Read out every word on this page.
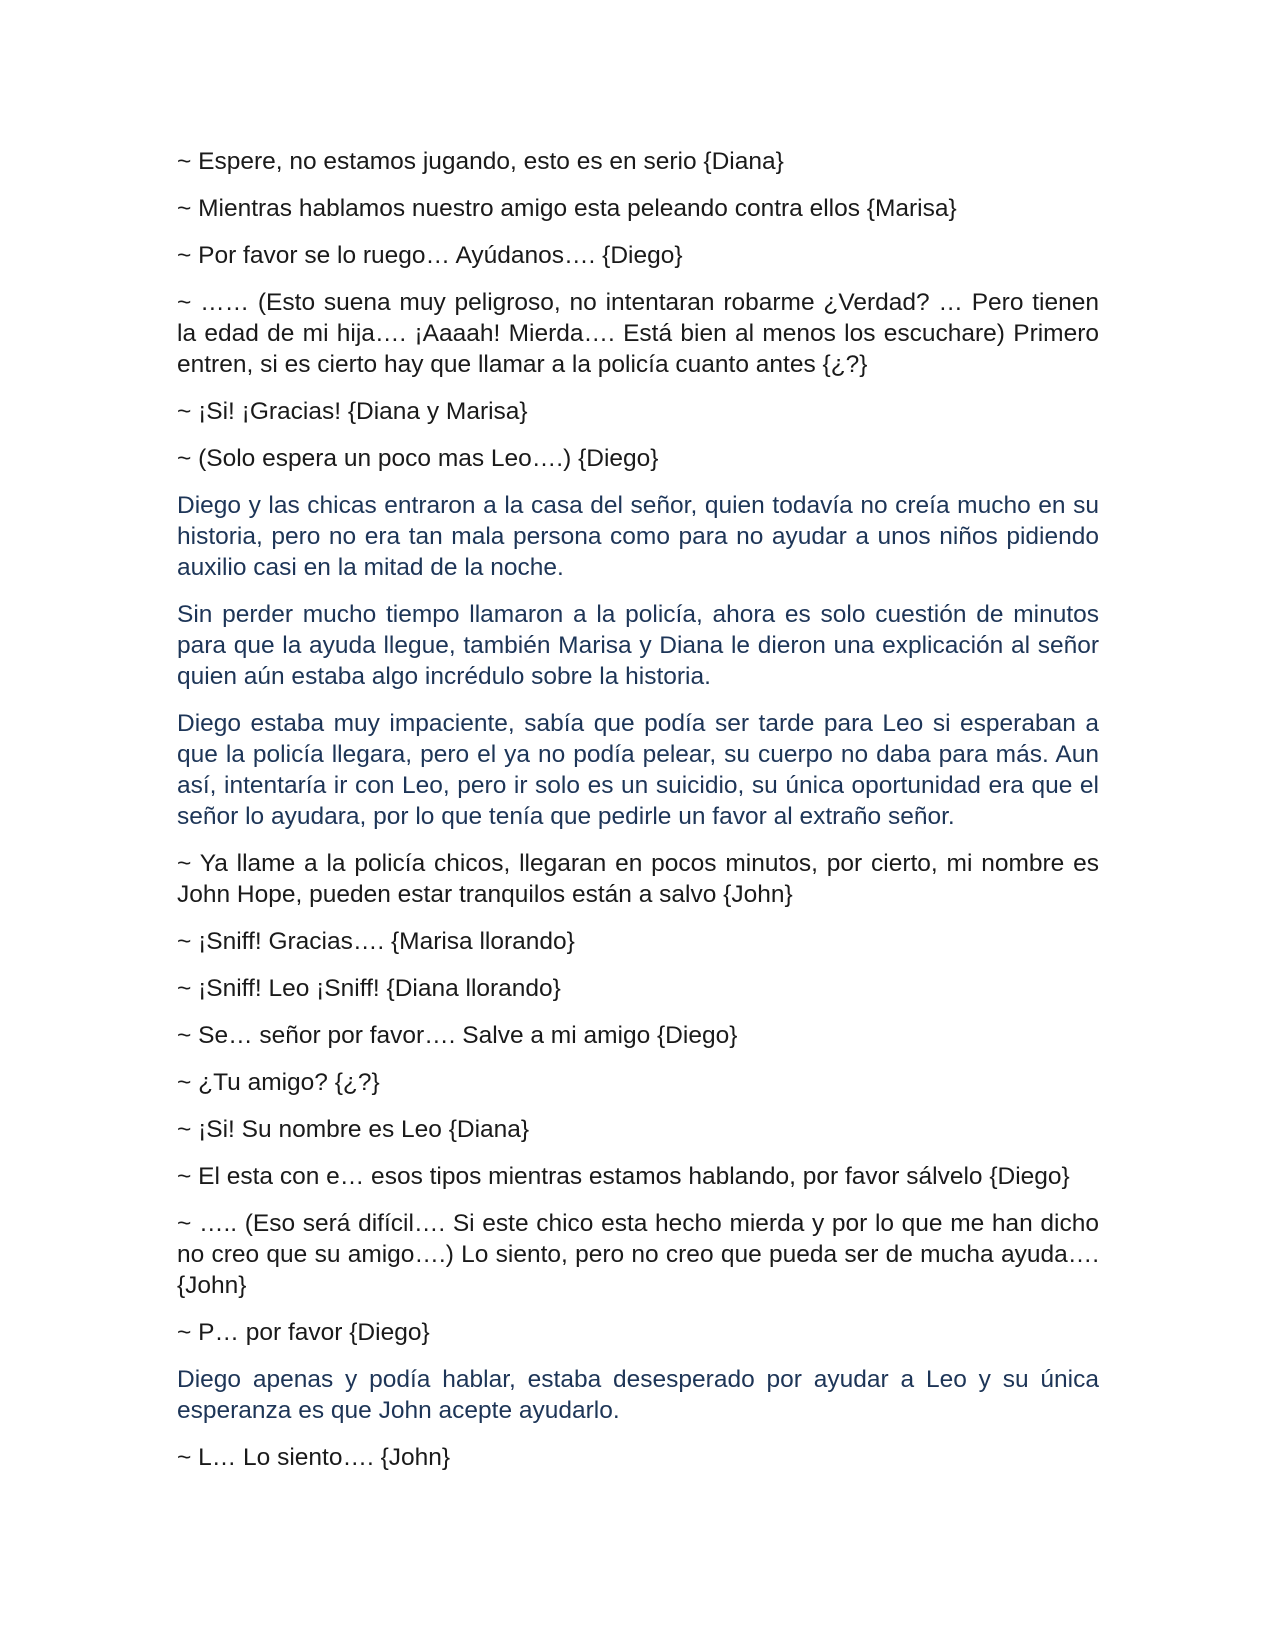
~ Espere, no estamos jugando, esto es en serio {Diana}

~ Mientras hablamos nuestro amigo esta peleando contra ellos {Marisa}

~ Por favor se lo ruego… Ayúdanos…. {Diego}

~ …… (Esto suena muy peligroso, no intentaran robarme ¿Verdad? … Pero tienen la edad de mi hija…. ¡Aaaah! Mierda…. Está bien al menos los escuchare) Primero entren, si es cierto hay que llamar a la policía cuanto antes {¿?}

~ ¡Si! ¡Gracias! {Diana y Marisa}

~ (Solo espera un poco mas Leo….) {Diego}

Diego y las chicas entraron a la casa del señor, quien todavía no creía mucho en su historia, pero no era tan mala persona como para no ayudar a unos niños pidiendo auxilio casi en la mitad de la noche.

Sin perder mucho tiempo llamaron a la policía, ahora es solo cuestión de minutos para que la ayuda llegue, también Marisa y Diana le dieron una explicación al señor quien aún estaba algo incrédulo sobre la historia.

Diego estaba muy impaciente, sabía que podía ser tarde para Leo si esperaban a que la policía llegara, pero el ya no podía pelear, su cuerpo no daba para más. Aun así, intentaría ir con Leo, pero ir solo es un suicidio, su única oportunidad era que el señor lo ayudara, por lo que tenía que pedirle un favor al extraño señor.

~ Ya llame a la policía chicos, llegaran en pocos minutos, por cierto, mi nombre es John Hope, pueden estar tranquilos están a salvo {John}

~ ¡Sniff! Gracias…. {Marisa llorando}

~ ¡Sniff! Leo ¡Sniff! {Diana llorando}

~ Se… señor por favor…. Salve a mi amigo {Diego}

~ ¿Tu amigo? {¿?}

~ ¡Si! Su nombre es Leo {Diana}

~ El esta con e… esos tipos mientras estamos hablando, por favor sálvelo {Diego}

~ ….. (Eso será difícil…. Si este chico esta hecho mierda y por lo que me han dicho no creo que su amigo….) Lo siento, pero no creo que pueda ser de mucha ayuda…. {John}

~ P… por favor {Diego}

Diego apenas y podía hablar, estaba desesperado por ayudar a Leo y su única esperanza es que John acepte ayudarlo.

~ L… Lo siento…. {John}
